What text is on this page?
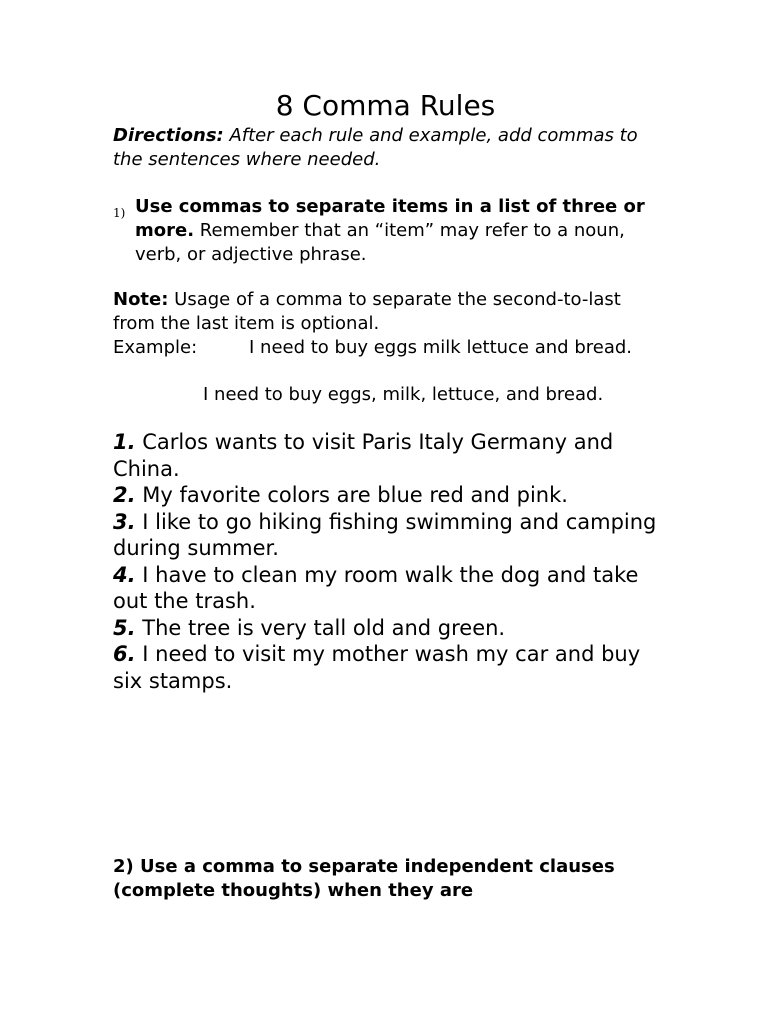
8 Comma Rules
Directions: After each rule and example, add commas to the sentences where needed.
1) Use commas to separate items in a list of three or more. Remember that an “item” may refer to a noun, verb, or adjective phrase.
Note: Usage of a comma to separate the second-to-last from the last item is optional.
Example:	I need to buy eggs milk lettuce and bread.
I need to buy eggs, milk, lettuce, and bread.

1. Carlos wants to visit Paris Italy Germany and China.

2. My favorite colors are blue red and pink.

3. I like to go hiking fishing swimming and camping during summer.

4. I have to clean my room walk the dog and take out the trash.

5. The tree is very tall old and green.

6. I need to visit my mother wash my car and buy six stamps.

2) Use a comma to separate independent clauses (complete thoughts) when they are
